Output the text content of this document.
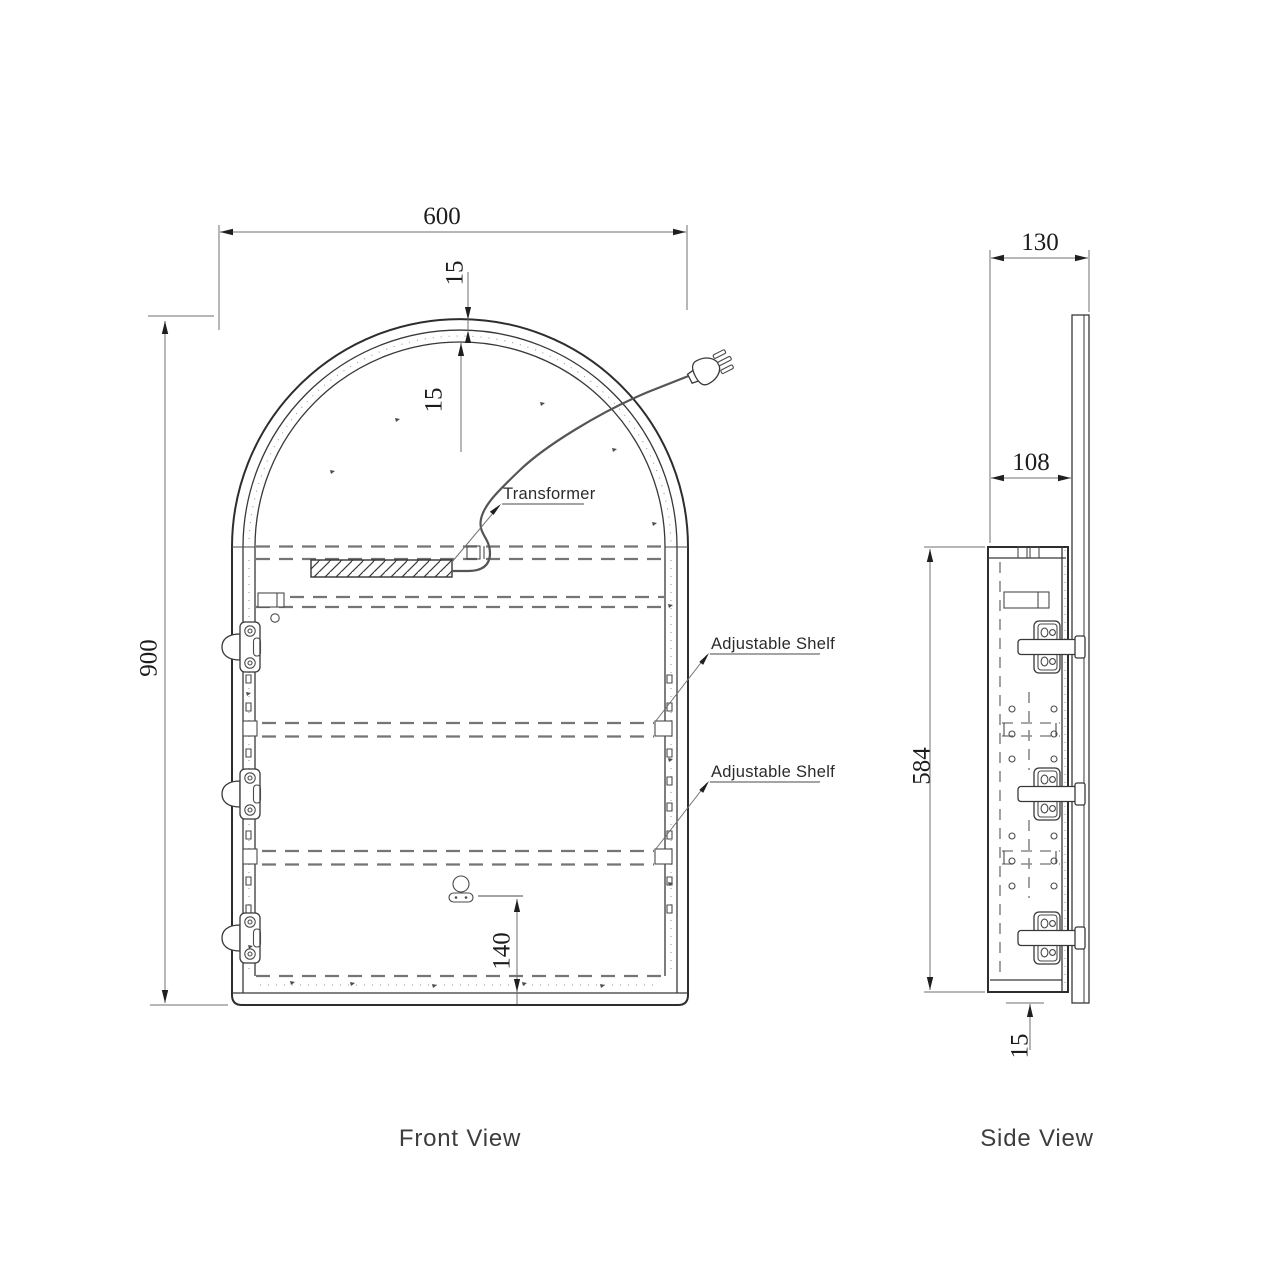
600
900
15
15
140
Transformer
Adjustable Shelf
Adjustable Shelf
Front View
130
108
584
15
Side View
